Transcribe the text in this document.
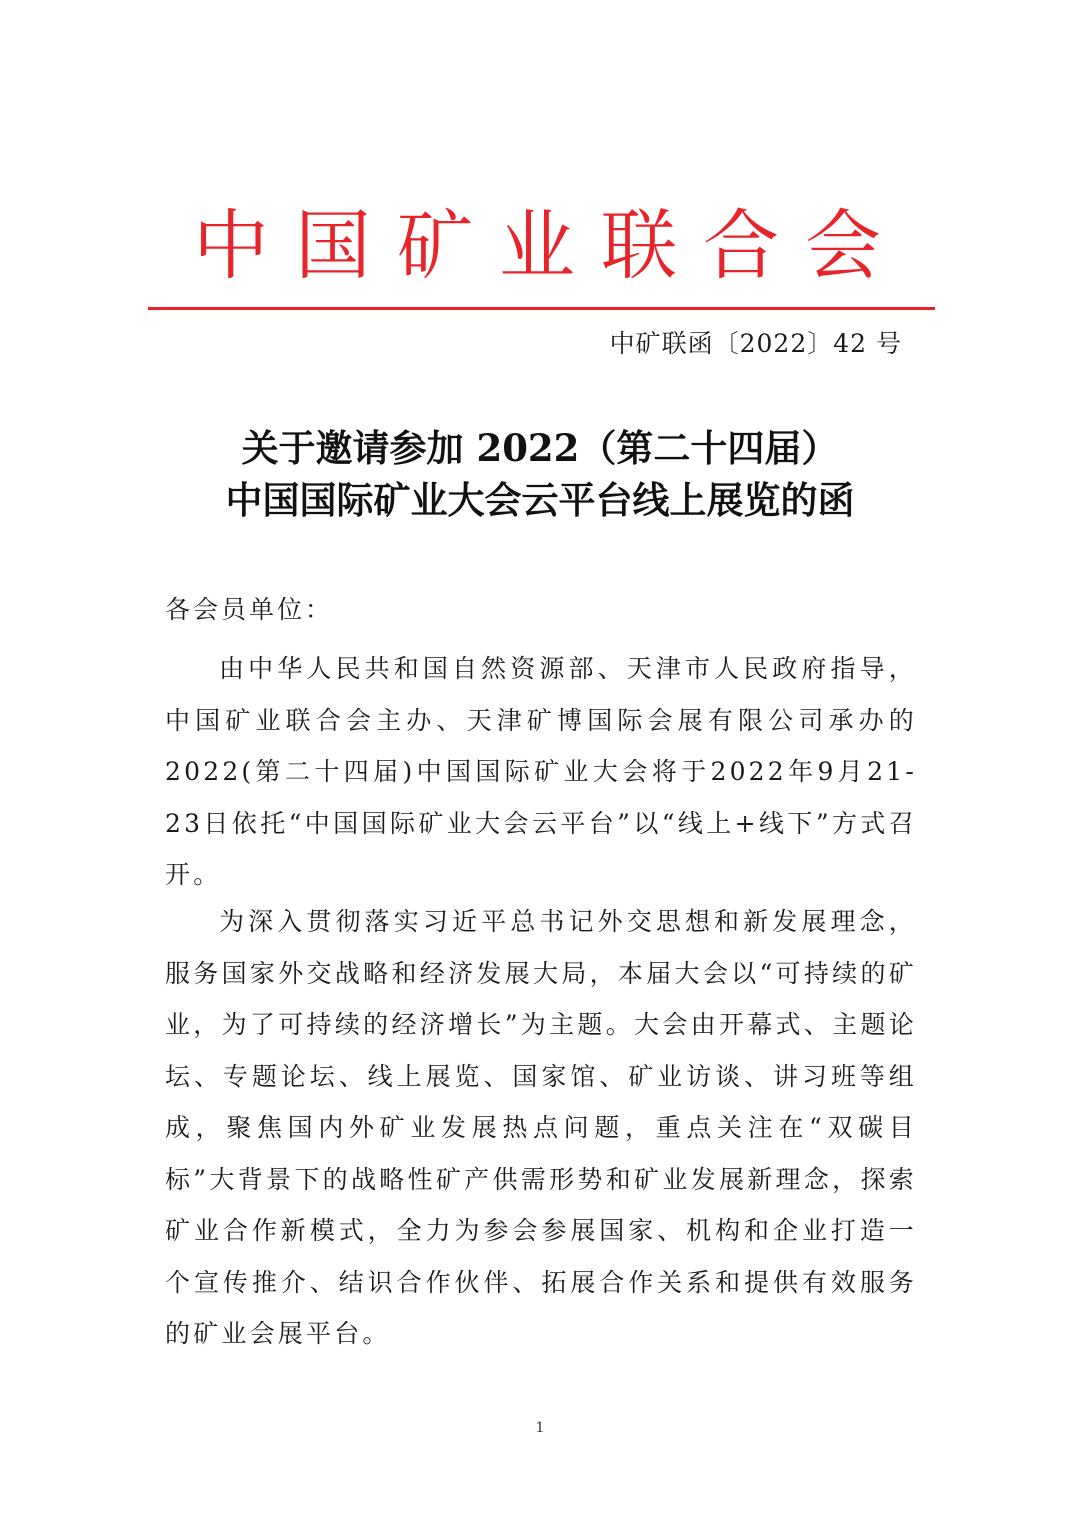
中国矿业联合会
中矿联函〔2022〕42 号
关于邀请参加 2022（第二十四届）
中国国际矿业大会云平台线上展览的函
各会员单位：

由中华人民共和国自然资源部、天津市人民政府指导，中国矿业联合会主办、天津矿博国际会展有限公司承办的2022(第二十四届)中国国际矿业大会将于2022年9月21-23日依托“中国国际矿业大会云平台”以“线上+线下”方式召开。

为深入贯彻落实习近平总书记外交思想和新发展理念，服务国家外交战略和经济发展大局，本届大会以“可持续的矿业，为了可持续的经济增长”为主题。大会由开幕式、主题论坛、专题论坛、线上展览、国家馆、矿业访谈、讲习班等组成，聚焦国内外矿业发展热点问题，重点关注在“双碳目标”大背景下的战略性矿产供需形势和矿业发展新理念，探索矿业合作新模式，全力为参会参展国家、机构和企业打造一个宣传推介、结识合作伙伴、拓展合作关系和提供有效服务的矿业会展平台。

1
